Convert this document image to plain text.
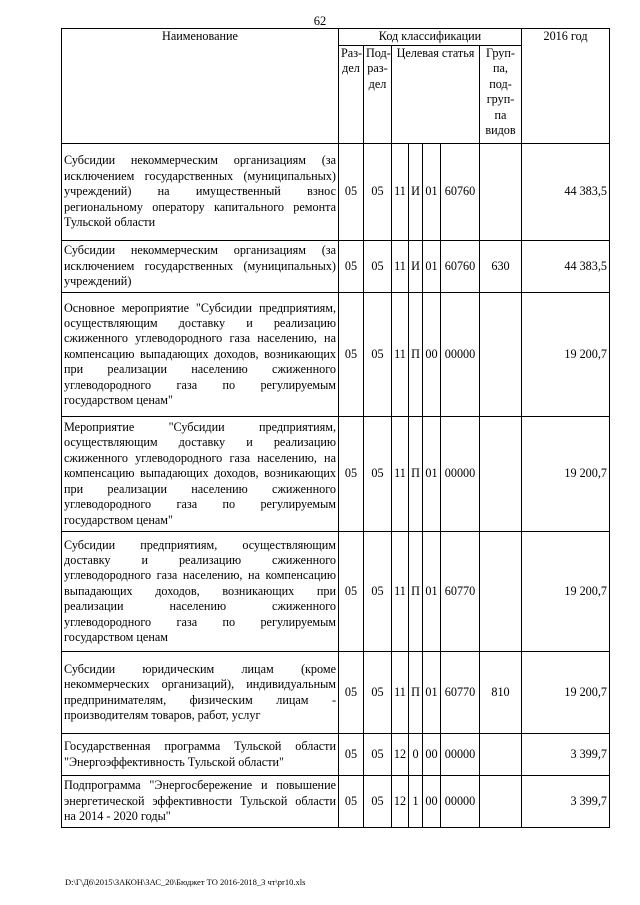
62
Наименование	Код классификации							2016 год
	Раз-дел	Под-раз-дел	Целевая статья				Груп-па, под-груп-па видов	
Субсидии некоммерческим организациям (за исключением государственных (муниципальных) учреждений) на имущественный взнос региональному оператору капитального ремонта Тульской области	05	05	11	И	01	60760		44 383,5
Субсидии некоммерческим организациям (за исключением государственных (муниципальных) учреждений)	05	05	11	И	01	60760	630	44 383,5
Основное мероприятие "Субсидии предприятиям, осуществляющим доставку и реализацию сжиженного углеводородного газа населению, на компенсацию выпадающих доходов, возникающих при реализации населению сжиженного углеводородного газа по регулируемым государством ценам"	05	05	11	П	00	00000		19 200,7
Мероприятие "Субсидии предприятиям, осуществляющим доставку и реализацию сжиженного углеводородного газа населению, на компенсацию выпадающих доходов, возникающих при реализации населению сжиженного углеводородного газа по регулируемым государством ценам"	05	05	11	П	01	00000		19 200,7
Субсидии предприятиям, осуществляющим доставку и реализацию сжиженного углеводородного газа населению, на компенсацию выпадающих доходов, возникающих при реализации населению сжиженного углеводородного газа по регулируемым государством ценам	05	05	11	П	01	60770		19 200,7
Субсидии юридическим лицам (кроме некоммерческих организаций), индивидуальным предпринимателям, физическим лицам - производителям товаров, работ, услуг	05	05	11	П	01	60770	810	19 200,7
Государственная программа Тульской области "Энергоэффективность Тульской области"	05	05	12	0	00	00000		3 399,7
Подпрограмма "Энергосбережение и повышение энергетической эффективности Тульской области на 2014 - 2020 годы"	05	05	12	1	00	00000		3 399,7
D:\Г\Д6\2015\ЗАКОН\ЗАС_20\Бюджет ТО 2016-2018_3 чт\pr10.xls
